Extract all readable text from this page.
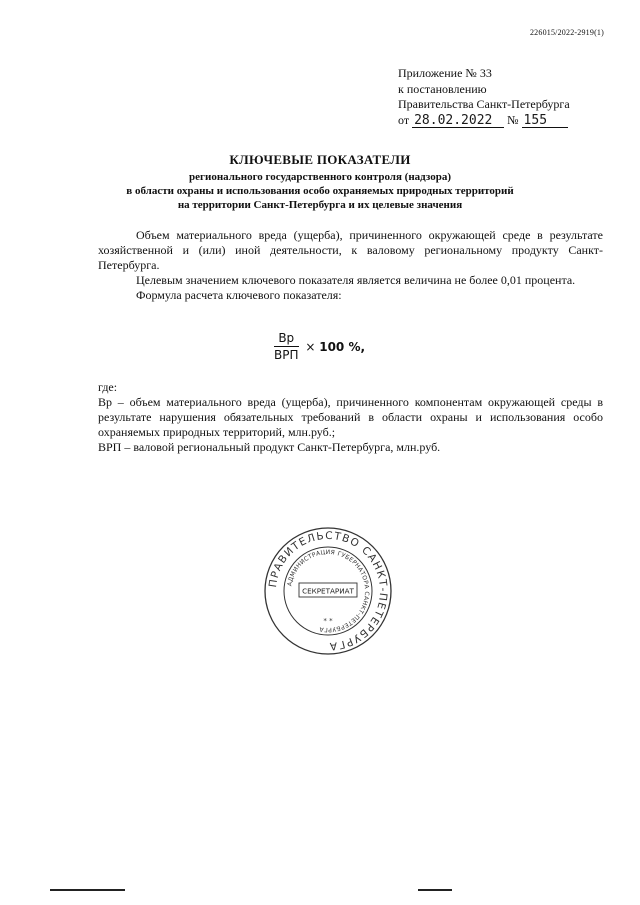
226015/2022-2919(1)
Приложение № 33
к постановлению
Правительства Санкт-Петербурга
от 28.02.2022 № 155
КЛЮЧЕВЫЕ ПОКАЗАТЕЛИ
регионального государственного контроля (надзора)
в области охраны и использования особо охраняемых природных территорий
на территории Санкт-Петербурга и их целевые значения

Объем материального вреда (ущерба), причиненного окружающей среде в результате хозяйственной и (или) иной деятельности, к валовому региональному продукту Санкт-Петербурга.

Целевым значением ключевого показателя является величина не более 0,01 процента.

Формула расчета ключевого показателя:

$\frac{Вр}{\text{ВРП}} \times 100$ %,

где:

Вр – объем материального вреда (ущерба), причиненного компонентам окружающей среды в результате нарушения обязательных требований в области охраны и использования особо охраняемых природных территорий, млн.руб.;

ВРП – валовой региональный продукт Санкт-Петербурга, млн.руб.

ПРАВИТЕЛЬСТВО САНКТ-ПЕТЕРБУРГА
АДМИНИСТРАЦИЯ ГУБЕРНАТОРА САНКТ-ПЕТЕРБУРГА
СЕКРЕТАРИАТ
* *
